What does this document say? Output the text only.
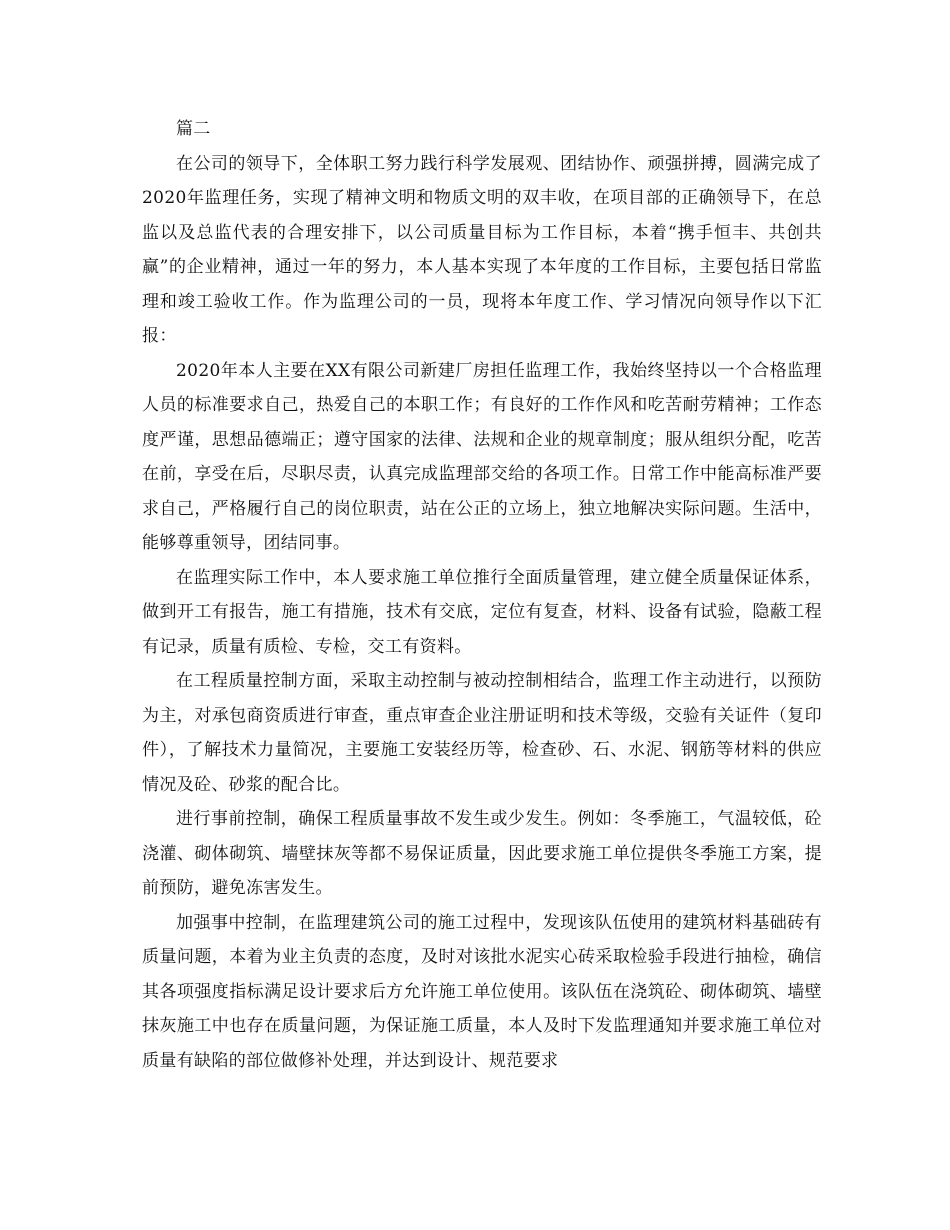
篇二

在公司的领导下，全体职工努力践行科学发展观、团结协作、顽强拼搏，圆满完成了2020年监理任务，实现了精神文明和物质文明的双丰收，在项目部的正确领导下，在总监以及总监代表的合理安排下，以公司质量目标为工作目标，本着“携手恒丰、共创共赢”的企业精神，通过一年的努力，本人基本实现了本年度的工作目标，主要包括日常监理和竣工验收工作。作为监理公司的一员，现将本年度工作、学习情况向领导作以下汇报：

2020年本人主要在XX有限公司新建厂房担任监理工作，我始终坚持以一个合格监理人员的标准要求自己，热爱自己的本职工作；有良好的工作作风和吃苦耐劳精神；工作态度严谨，思想品德端正；遵守国家的法律、法规和企业的规章制度；服从组织分配，吃苦在前，享受在后，尽职尽责，认真完成监理部交给的各项工作。日常工作中能高标准严要求自己，严格履行自己的岗位职责，站在公正的立场上，独立地解决实际问题。生活中，能够尊重领导，团结同事。

在监理实际工作中，本人要求施工单位推行全面质量管理，建立健全质量保证体系，做到开工有报告，施工有措施，技术有交底，定位有复查，材料、设备有试验，隐蔽工程有记录，质量有质检、专检，交工有资料。

在工程质量控制方面，采取主动控制与被动控制相结合，监理工作主动进行，以预防为主，对承包商资质进行审查，重点审查企业注册证明和技术等级，交验有关证件（复印件），了解技术力量简况，主要施工安装经历等，检查砂、石、水泥、钢筋等材料的供应情况及砼、砂浆的配合比。

进行事前控制，确保工程质量事故不发生或少发生。例如：冬季施工，气温较低，砼浇灌、砌体砌筑、墙壁抹灰等都不易保证质量，因此要求施工单位提供冬季施工方案，提前预防，避免冻害发生。

加强事中控制，在监理建筑公司的施工过程中，发现该队伍使用的建筑材料基础砖有质量问题，本着为业主负责的态度，及时对该批水泥实心砖采取检验手段进行抽检，确信其各项强度指标满足设计要求后方允许施工单位使用。该队伍在浇筑砼、砌体砌筑、墙壁抹灰施工中也存在质量问题，为保证施工质量，本人及时下发监理通知并要求施工单位对质量有缺陷的部位做修补处理，并达到设计、规范要求
